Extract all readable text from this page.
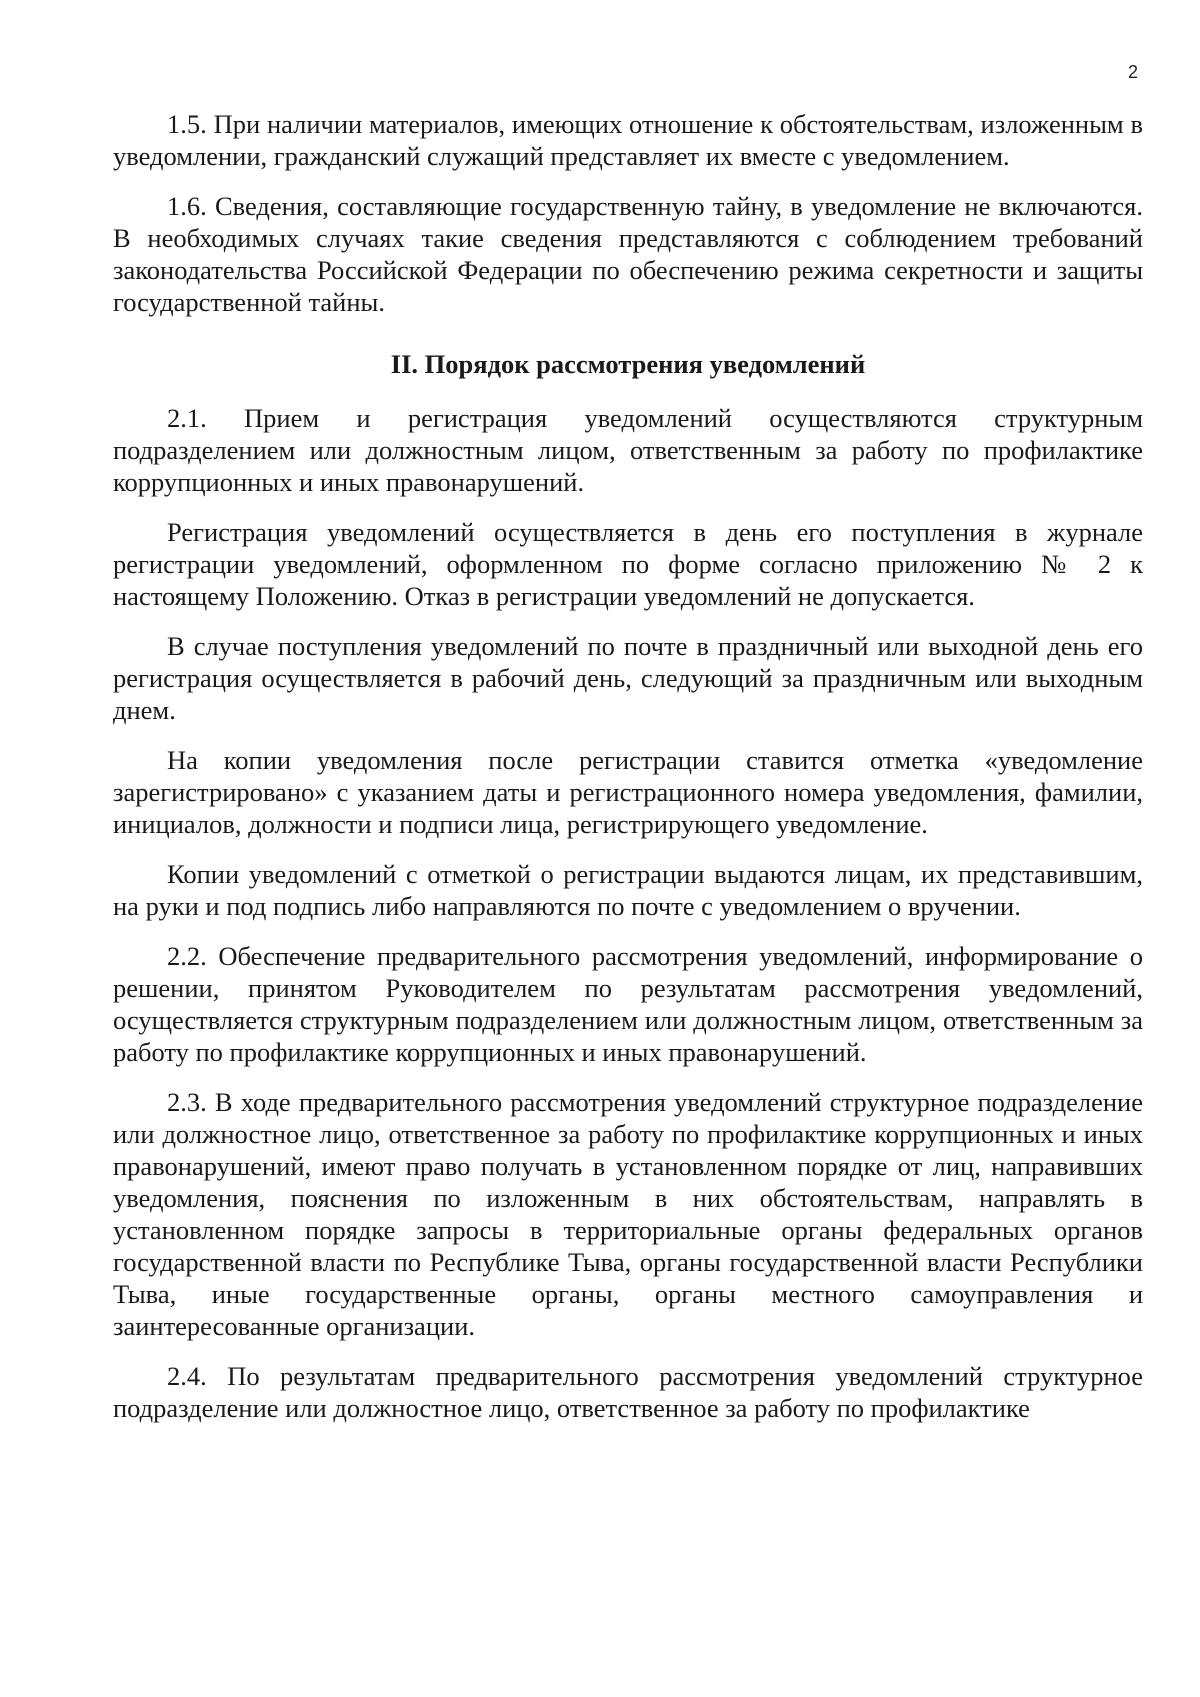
2

1.5. При наличии материалов, имеющих отношение к обстоятельствам, изложенным в уведомлении, гражданский служащий представляет их вместе с уведомлением.

1.6. Сведения, составляющие государственную тайну, в уведомление не включаются. В необходимых случаях такие сведения представляются с соблюдением требований законодательства Российской Федерации по обеспечению режима секретности и защиты государственной тайны.

II. Порядок рассмотрения уведомлений

2.1. Прием и регистрация уведомлений осуществляются структурным подразделением или должностным лицом, ответственным за работу по профилактике коррупционных и иных правонарушений.

Регистрация уведомлений осуществляется в день его поступления в журнале регистрации уведомлений, оформленном по форме согласно приложению № 2 к настоящему Положению. Отказ в регистрации уведомлений не допускается.

В случае поступления уведомлений по почте в праздничный или выходной день его регистрация осуществляется в рабочий день, следующий за праздничным или выходным днем.

На копии уведомления после регистрации ставится отметка «уведомление зарегистрировано» с указанием даты и регистрационного номера уведомления, фамилии, инициалов, должности и подписи лица, регистрирующего уведомление.

Копии уведомлений с отметкой о регистрации выдаются лицам, их представившим, на руки и под подпись либо направляются по почте с уведомлением о вручении.

2.2. Обеспечение предварительного рассмотрения уведомлений, информирование о решении, принятом Руководителем по результатам рассмотрения уведомлений, осуществляется структурным подразделением или должностным лицом, ответственным за работу по профилактике коррупционных и иных правонарушений.

2.3. В ходе предварительного рассмотрения уведомлений структурное подразделение или должностное лицо, ответственное за работу по профилактике коррупционных и иных правонарушений, имеют право получать в установленном порядке от лиц, направивших уведомления, пояснения по изложенным в них обстоятельствам, направлять в установленном порядке запросы в территориальные органы федеральных органов государственной власти по Республике Тыва, органы государственной власти Республики Тыва, иные государственные органы, органы местного самоуправления и заинтересованные организации.

2.4. По результатам предварительного рассмотрения уведомлений структурное подразделение или должностное лицо, ответственное за работу по профилактике
